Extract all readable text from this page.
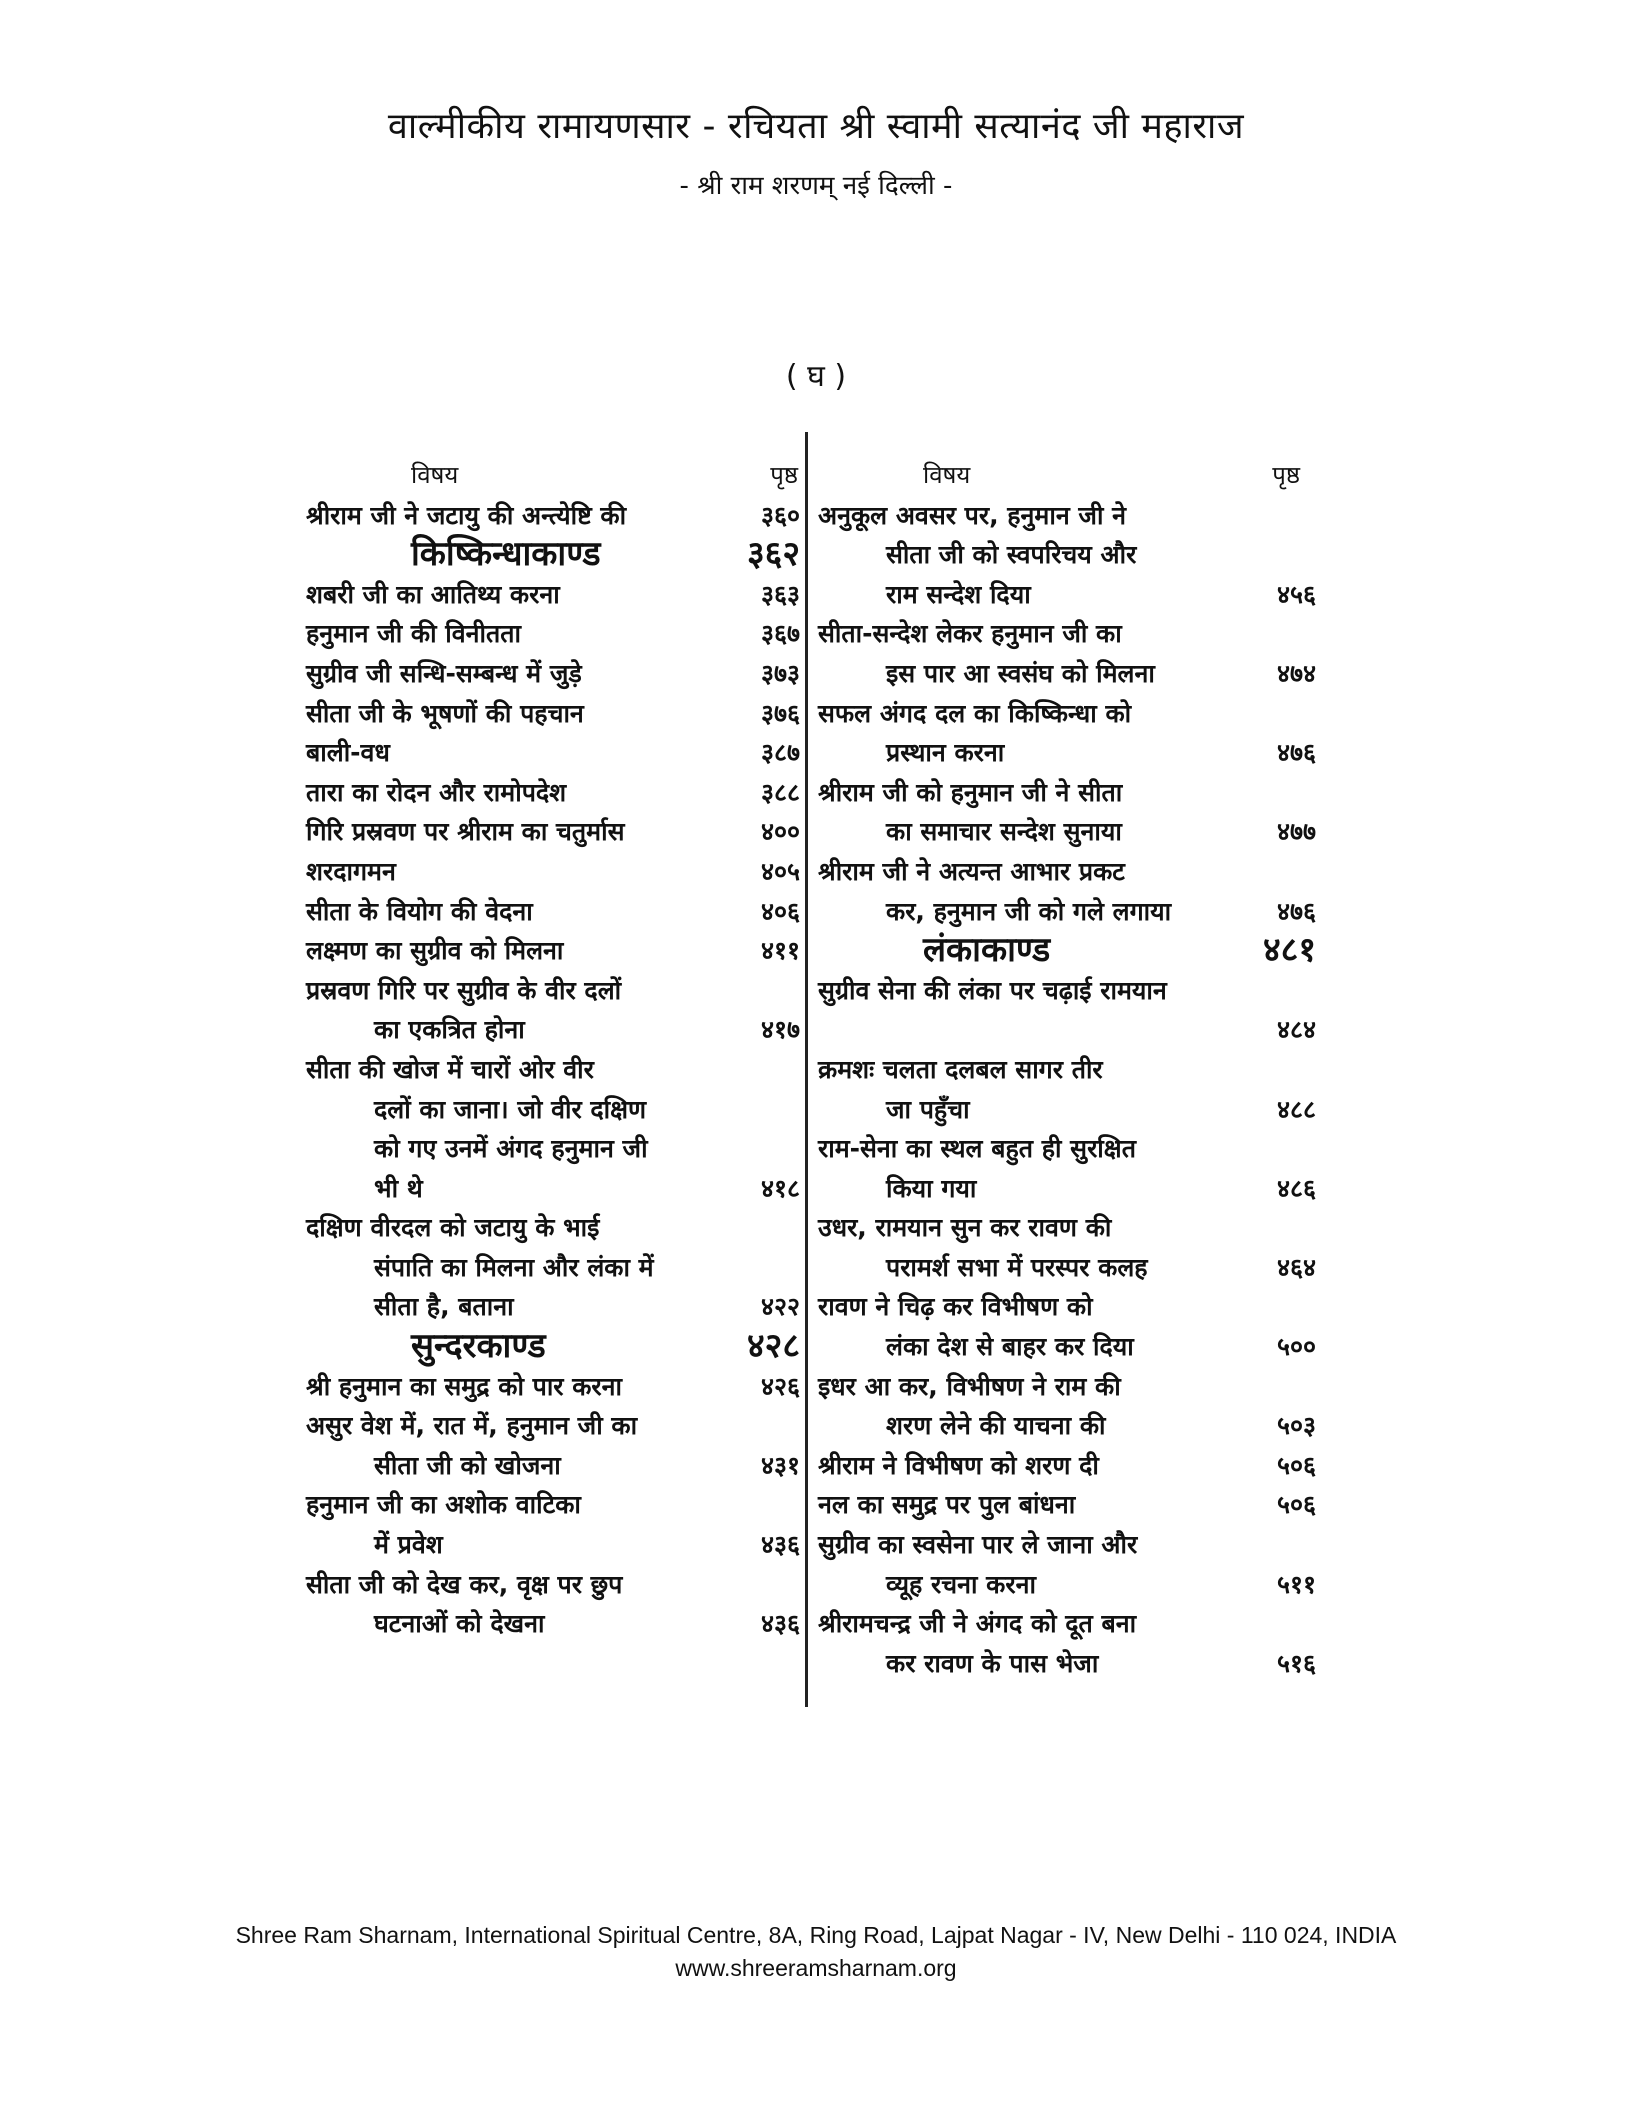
वाल्मीकीय रामायणसार - रचियता श्री स्वामी सत्यानंद जी महाराज
- श्री राम शरणम् नई दिल्ली -
( घ )
विषय	पृष्ठ
श्रीराम जी ने जटायु की अन्त्येष्टि की	३६०
किष्किन्धाकाण्ड	३६२
शबरी जी का आतिथ्य करना	३६३
हनुमान जी की विनीतता	३६७
सुग्रीव जी सन्धि-सम्बन्ध में जुड़े	३७३
सीता जी के भूषणों की पहचान	३७६
बाली-वध	३८७
तारा का रोदन और रामोपदेश	३८८
गिरि प्रस्रवण पर श्रीराम का चतुर्मास	४००
शरदागमन	४०५
सीता के वियोग की वेदना	४०६
लक्ष्मण का सुग्रीव को मिलना	४११
प्रस्रवण गिरि पर सुग्रीव के वीर दलों
का एकत्रित होना	४१७
सीता की खोज में चारों ओर वीर
दलों का जाना। जो वीर दक्षिण
को गए उनमें अंगद हनुमान जी
भी थे	४१८
दक्षिण वीरदल को जटायु के भाई
संपाति का मिलना और लंका में
सीता है, बताना	४२२
सुन्दरकाण्ड	४२८
श्री हनुमान का समुद्र को पार करना	४२६
असुर वेश में, रात में, हनुमान जी का
सीता जी को खोजना	४३१
हनुमान जी का अशोक वाटिका
में प्रवेश	४३६
सीता जी को देख कर, वृक्ष पर छुप
घटनाओं को देखना	४३६
विषय	पृष्ठ
अनुकूल अवसर पर, हनुमान जी ने
सीता जी को स्वपरिचय और
राम सन्देश दिया	४५६
सीता-सन्देश लेकर हनुमान जी का
इस पार आ स्वसंघ को मिलना	४७४
सफल अंगद दल का किष्किन्धा को
प्रस्थान करना	४७६
श्रीराम जी को हनुमान जी ने सीता
का समाचार सन्देश सुनाया	४७७
श्रीराम जी ने अत्यन्त आभार प्रकट
कर, हनुमान जी को गले लगाया	४७६
लंकाकाण्ड	४८१
सुग्रीव सेना की लंका पर चढ़ाई रामयान
४८४
क्रमशः चलता दलबल सागर तीर
जा पहुँचा	४८८
राम-सेना का स्थल बहुत ही सुरक्षित
किया गया	४८६
उधर, रामयान सुन कर रावण की
परामर्श सभा में परस्पर कलह	४६४
रावण ने चिढ़ कर विभीषण को
लंका देश से बाहर कर दिया	५००
इधर आ कर, विभीषण ने राम की
शरण लेने की याचना की	५०३
श्रीराम ने विभीषण को शरण दी	५०६
नल का समुद्र पर पुल बांधना	५०६
सुग्रीव का स्वसेना पार ले जाना और
व्यूह रचना करना	५११
श्रीरामचन्द्र जी ने अंगद को दूत बना
कर रावण के पास भेजा	५१६
Shree Ram Sharnam, International Spiritual Centre, 8A, Ring Road, Lajpat Nagar - IV, New Delhi - 110 024, INDIA
www.shreeramsharnam.org
